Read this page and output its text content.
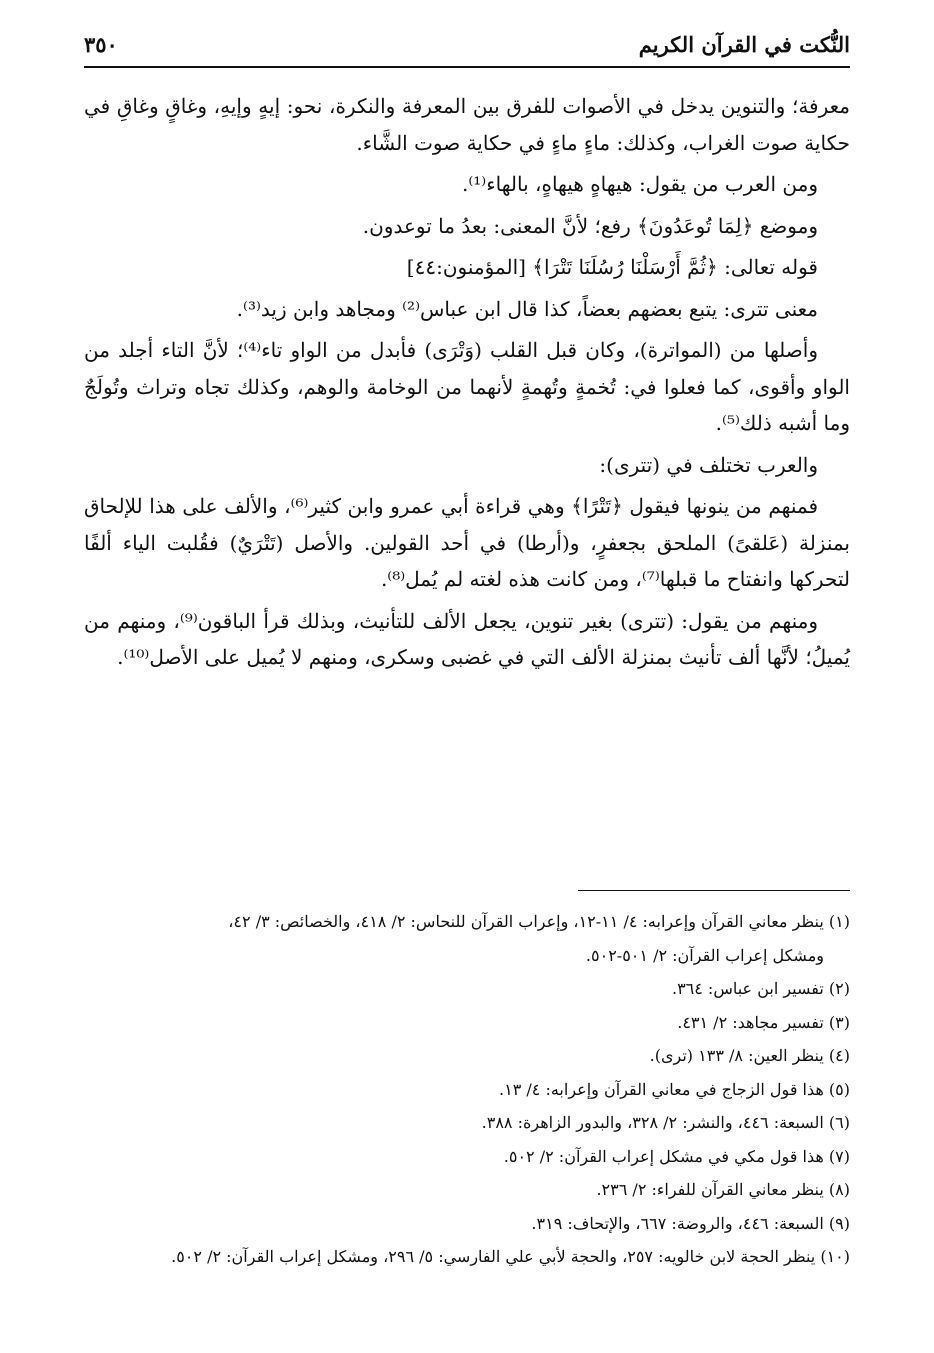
النُّكت في القرآن الكريم
٣٥٠

معرفة؛ والتنوين يدخل في الأصوات للفرق بين المعرفة والنكرة، نحو: إيهٍ وإيهِ، وغاقٍ وغاقِ في حكاية صوت الغراب، وكذلك: ماءٍ ماءٍ في حكاية صوت الشَّاء.

ومن العرب من يقول: هيهاهٍ هيهاهٍ، بالهاء⁽¹⁾.

وموضع ﴿لِمَا تُوعَدُونَ﴾ رفع؛ لأنَّ المعنى: بعدُ ما توعدون.

قوله تعالى: ﴿ثُمَّ أَرْسَلْنَا رُسُلَنَا تَتْرَا﴾ [المؤمنون:٤٤]

معنى تترى: يتبع بعضهم بعضاً، كذا قال ابن عباس⁽²⁾ ومجاهد وابن زيد⁽³⁾.

وأصلها من (المواترة)، وكان قبل القلب (وَتْرَى) فأبدل من الواو تاء⁽⁴⁾؛ لأنَّ التاء أجلد من الواو وأقوى، كما فعلوا في: تُخمةٍ وتُهمةٍ لأنهما من الوخامة والوهم، وكذلك تجاه وتراث وتُولَجٌ وما أشبه ذلك⁽⁵⁾.

والعرب تختلف في (تترى):

فمنهم من ينونها فيقول ﴿تَتْرًا﴾ وهي قراءة أبي عمرو وابن كثير⁽⁶⁾، والألف على هذا للإلحاق بمنزلة (عَلقىً) الملحق بجعفرٍ، و(أرطا) في أحد القولين. والأصل (تَتْرَيٌ) فقُلبت الياء ألفًا لتحركها وانفتاح ما قبلها⁽⁷⁾، ومن كانت هذه لغته لم يُمل⁽⁸⁾.

ومنهم من يقول: (تترى) بغير تنوين، يجعل الألف للتأنيث، وبذلك قرأ الباقون⁽⁹⁾، ومنهم من يُميلُ؛ لأنَّها ألف تأنيث بمنزلة الألف التي في غضبى وسكرى، ومنهم لا يُميل على الأصل⁽¹⁰⁾.

(١) ينظر معاني القرآن وإعرابه: ٤/ ١١-١٢، وإعراب القرآن للنحاس: ٢/ ٤١٨، والخصائص: ٣/ ٤٢،
ومشكل إعراب القرآن: ٢/ ٥٠١-٥٠٢.
(٢) تفسير ابن عباس: ٣٦٤.
(٣) تفسير مجاهد: ٢/ ٤٣١.
(٤) ينظر العين: ٨/ ١٣٣ (ترى).
(٥) هذا قول الزجاج في معاني القرآن وإعرابه: ٤/ ١٣.
(٦) السبعة: ٤٤٦، والنشر: ٢/ ٣٢٨، والبدور الزاهرة: ٣٨٨.
(٧) هذا قول مكي في مشكل إعراب القرآن: ٢/ ٥٠٢.
(٨) ينظر معاني القرآن للفراء: ٢/ ٢٣٦.
(٩) السبعة: ٤٤٦، والروضة: ٦٦٧، والإتحاف: ٣١٩.
(١٠) ينظر الحجة لابن خالويه: ٢٥٧، والحجة لأبي علي الفارسي: ٥/ ٢٩٦، ومشكل إعراب القرآن: ٢/ ٥٠٢.
